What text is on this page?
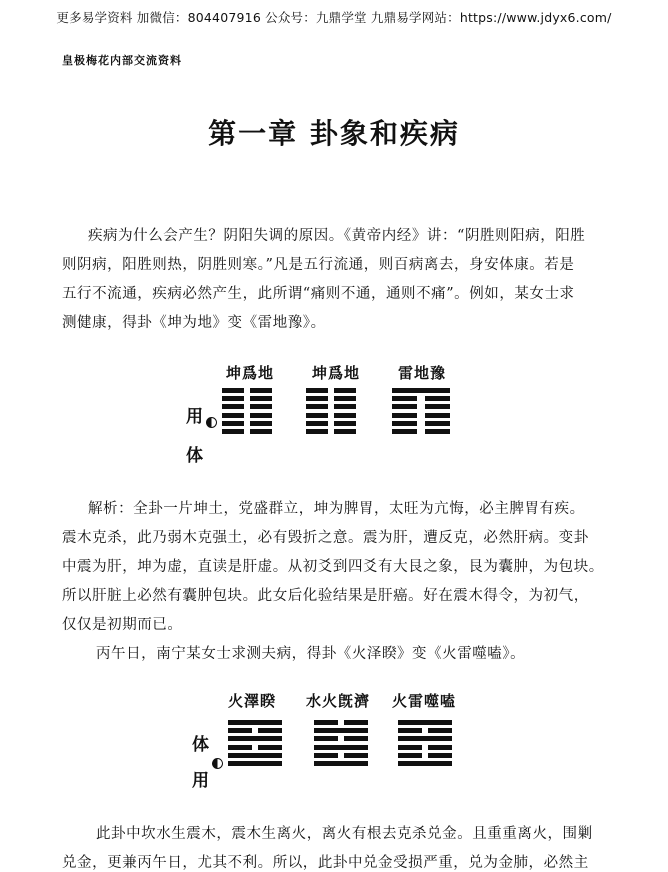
更多易学资料 加微信：804407916 公众号：九鼎学堂 九鼎易学网站：https://www.jdyx6.com/
皇极梅花内部交流资料
第一章 卦象和疾病
疾病为什么会产生？阴阳失调的原因。《黄帝内经》讲：“阴胜则阳病，阳胜
则阴病，阳胜则热，阴胜则寒。”凡是五行流通，则百病离去，身安体康。若是
五行不流通，疾病必然产生，此所谓“痛则不通，通则不痛”。例如，某女士求
测健康，得卦《坤为地》变《雷地豫》。
坤爲地	坤爲地	雷地豫
用
体
解析：全卦一片坤土，党盛群立，坤为脾胃，太旺为亢悔，必主脾胃有疾。
震木克杀，此乃弱木克强土，必有毁折之意。震为肝，遭反克，必然肝病。变卦
中震为肝，坤为虚，直读是肝虚。从初爻到四爻有大艮之象，艮为囊肿，为包块。
所以肝脏上必然有囊肿包块。此女后化验结果是肝癌。好在震木得令，为初气，
仅仅是初期而已。
丙午日，南宁某女士求测夫病，得卦《火泽睽》变《火雷噬嗑》。
火澤睽 水火旣濟 火雷噬嗑
体
用
此卦中坎水生震木，震木生离火，离火有根去克杀兑金。且重重离火，围剿
兑金，更兼丙午日，尤其不利。所以，此卦中兑金受损严重，兑为金肺，必然主
